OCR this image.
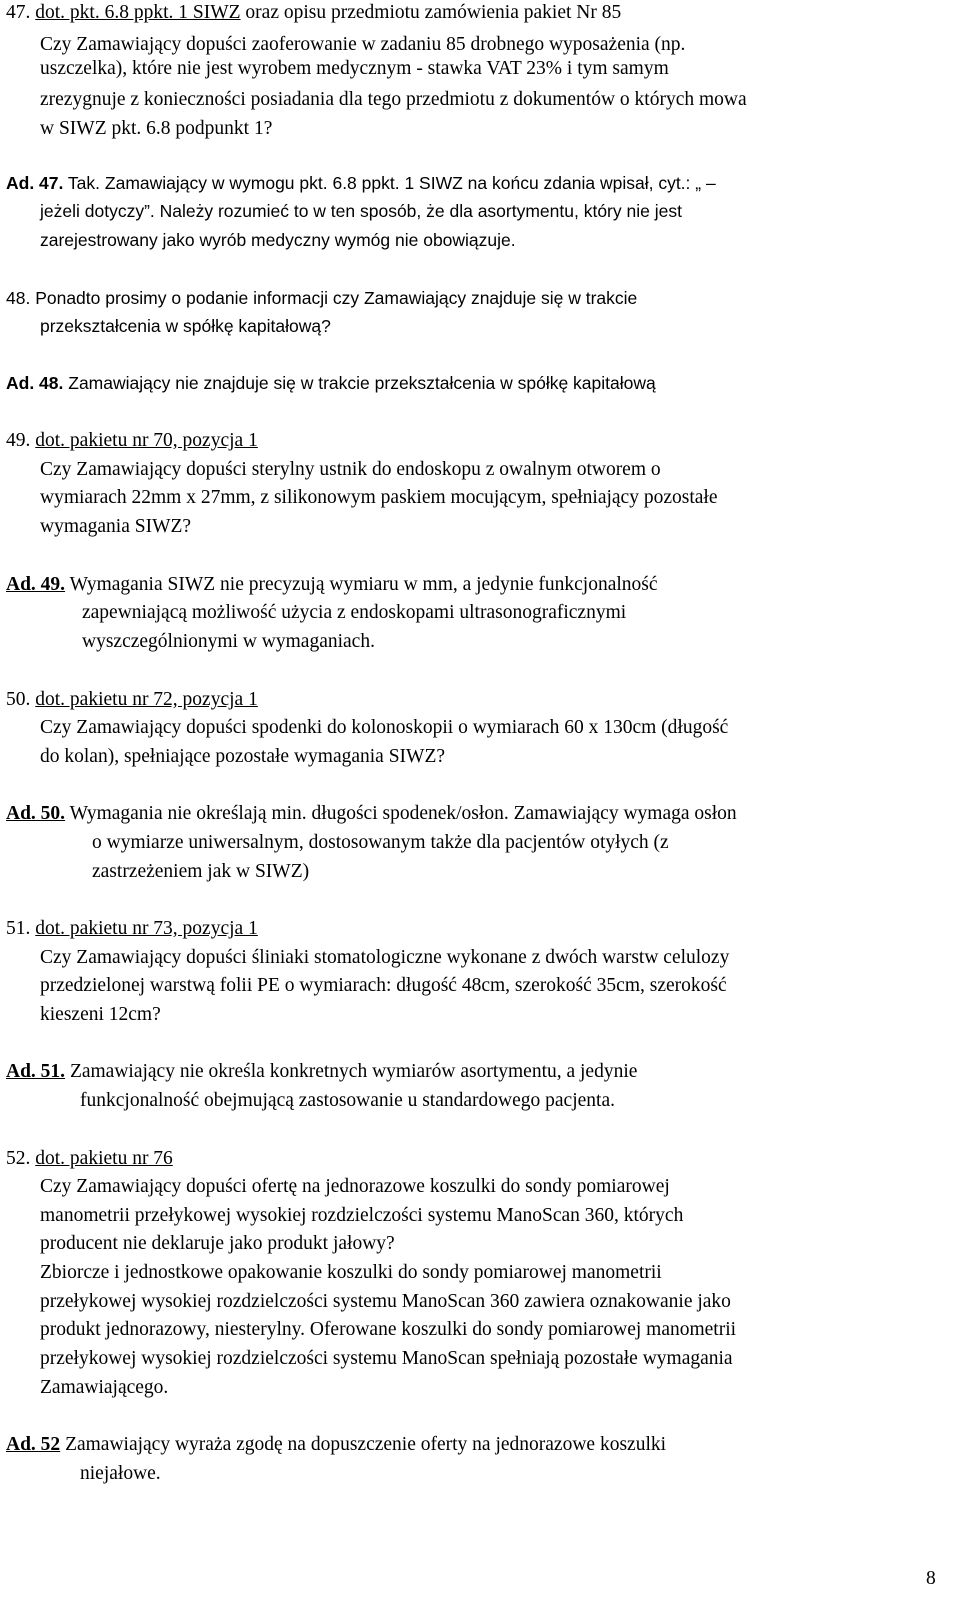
47. dot. pkt. 6.8 ppkt. 1 SIWZ oraz opisu przedmiotu zamówienia pakiet Nr 85
Czy Zamawiający dopuści zaoferowanie w zadaniu 85 drobnego wyposażenia (np.
uszczelka), które nie jest wyrobem medycznym - stawka VAT 23% i tym samym
zrezygnuje z konieczności posiadania dla tego przedmiotu z dokumentów o których mowa
w SIWZ pkt. 6.8 podpunkt 1?
Ad. 47. Tak. Zamawiający w wymogu pkt. 6.8 ppkt. 1 SIWZ na końcu zdania wpisał, cyt.: „ –
jeżeli dotyczy”. Należy rozumieć to w ten sposób, że dla asortymentu, który nie jest
zarejestrowany jako wyrób medyczny wymóg nie obowiązuje.
48. Ponadto prosimy o podanie informacji czy Zamawiający znajduje się w trakcie
przekształcenia w spółkę kapitałową?
Ad. 48. Zamawiający nie znajduje się w trakcie przekształcenia w spółkę kapitałową
49. dot. pakietu nr 70, pozycja 1
Czy Zamawiający dopuści sterylny ustnik do endoskopu z owalnym otworem o
wymiarach 22mm x 27mm, z silikonowym paskiem mocującym, spełniający pozostałe
wymagania SIWZ?
Ad. 49. Wymagania SIWZ nie precyzują wymiaru w mm, a jedynie funkcjonalność
zapewniającą możliwość użycia z endoskopami ultrasonograficznymi
wyszczególnionymi w wymaganiach.
50. dot. pakietu nr 72, pozycja 1
Czy Zamawiający dopuści spodenki do kolonoskopii o wymiarach 60 x 130cm (długość
do kolan), spełniające pozostałe wymagania SIWZ?
Ad. 50. Wymagania nie określają min. długości spodenek/osłon. Zamawiający wymaga osłon
o wymiarze uniwersalnym, dostosowanym także dla pacjentów otyłych (z
zastrzeżeniem jak w SIWZ)
51. dot. pakietu nr 73, pozycja 1
Czy Zamawiający dopuści śliniaki stomatologiczne wykonane z dwóch warstw celulozy
przedzielonej warstwą folii PE o wymiarach: długość 48cm, szerokość 35cm, szerokość
kieszeni 12cm?
Ad. 51. Zamawiający nie określa konkretnych wymiarów asortymentu, a jedynie
funkcjonalność obejmującą zastosowanie u standardowego pacjenta.
52. dot. pakietu nr 76
Czy Zamawiający dopuści ofertę na jednorazowe koszulki do sondy pomiarowej
manometrii przełykowej wysokiej rozdzielczości systemu ManoScan 360, których
producent nie deklaruje jako produkt jałowy?
Zbiorcze i jednostkowe opakowanie koszulki do sondy pomiarowej manometrii
przełykowej wysokiej rozdzielczości systemu ManoScan 360 zawiera oznakowanie jako
produkt jednorazowy, niesterylny. Oferowane koszulki do sondy pomiarowej manometrii
przełykowej wysokiej rozdzielczości systemu ManoScan spełniają pozostałe wymagania
Zamawiającego.
Ad. 52 Zamawiający wyraża zgodę na dopuszczenie oferty na jednorazowe koszulki
niejałowe.
8
